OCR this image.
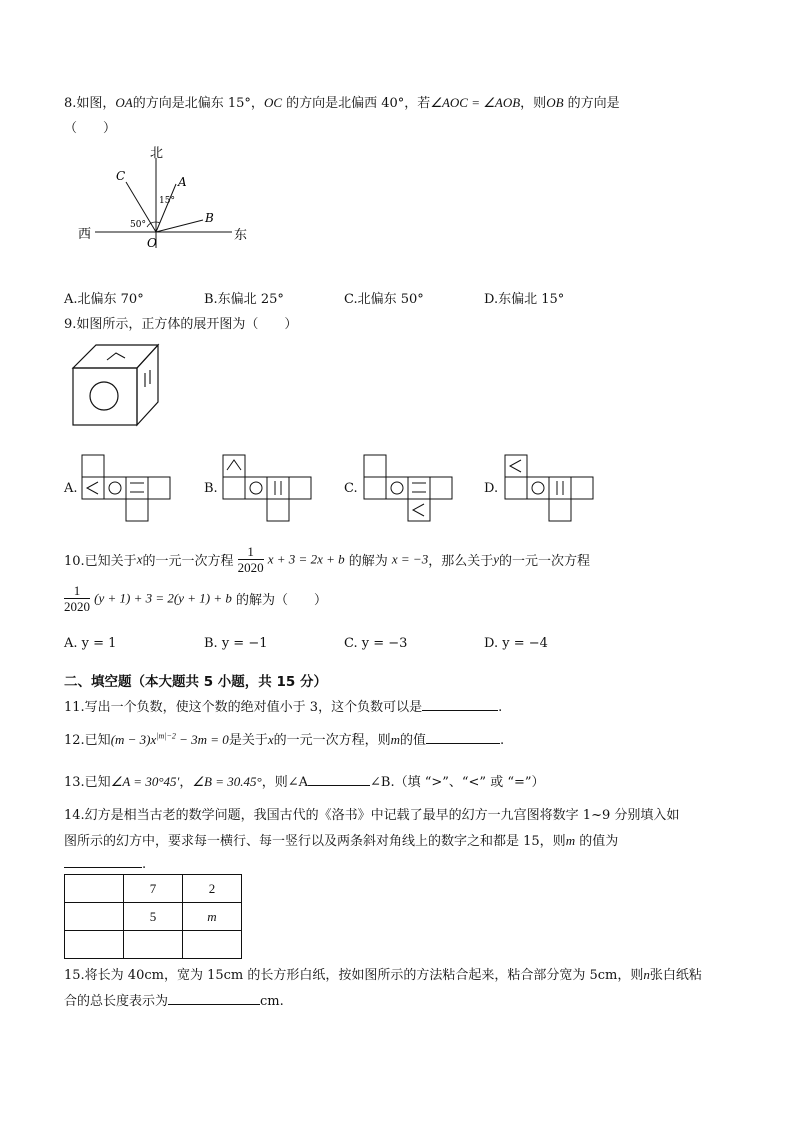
8.如图，OA的方向是北偏东 15°，OC 的方向是北偏西 40°，若∠AOC = ∠AOB，则OB 的方向是
（　　）
北
西	东
O
A
B
C
15°
50°
A.北偏东 70°	B.东偏北 25°	C.北偏东 50°	D.东偏北 15°
9.如图所示，正方体的展开图为（　　）
A.	B.	C.	D.
10.已知关于x的一元一次方程 $\frac{1}{2020}$ x + 3 = 2x + b 的解为 x = −3，那么关于y的一元一次方程
$\frac{1}{2020} (y + 1) + 3 = 2(y + 1) + b$ 的解为（　　）
A. y = 1	B. y = −1	C. y = −3	D. y = −4
二、填空题（本大题共 5 小题，共 15 分）
11.写出一个负数，使这个数的绝对值小于 3，这个负数可以是	.
12.已知$(m - 3)x^{|m|-2} - 3m = 0$是关于x的一元一次方程，则m的值	.
13.已知∠A = 30°45′，∠B = 30.45°，则∠A	∠B.（填 “>”、“<” 或 “=”）
14.幻方是相当古老的数学问题，我国古代的《洛书》中记载了最早的幻方一九宫图将数字 1~9 分别填入如
图所示的幻方中，要求每一横行、每一竖行以及两条斜对角线上的数字之和都是 15，则m 的值为
.
	7	2
	5	m

15.将长为 40cm，宽为 15cm 的长方形白纸，按如图所示的方法粘合起来，粘合部分宽为 5cm，则n张白纸粘
合的总长度表示为	cm.
